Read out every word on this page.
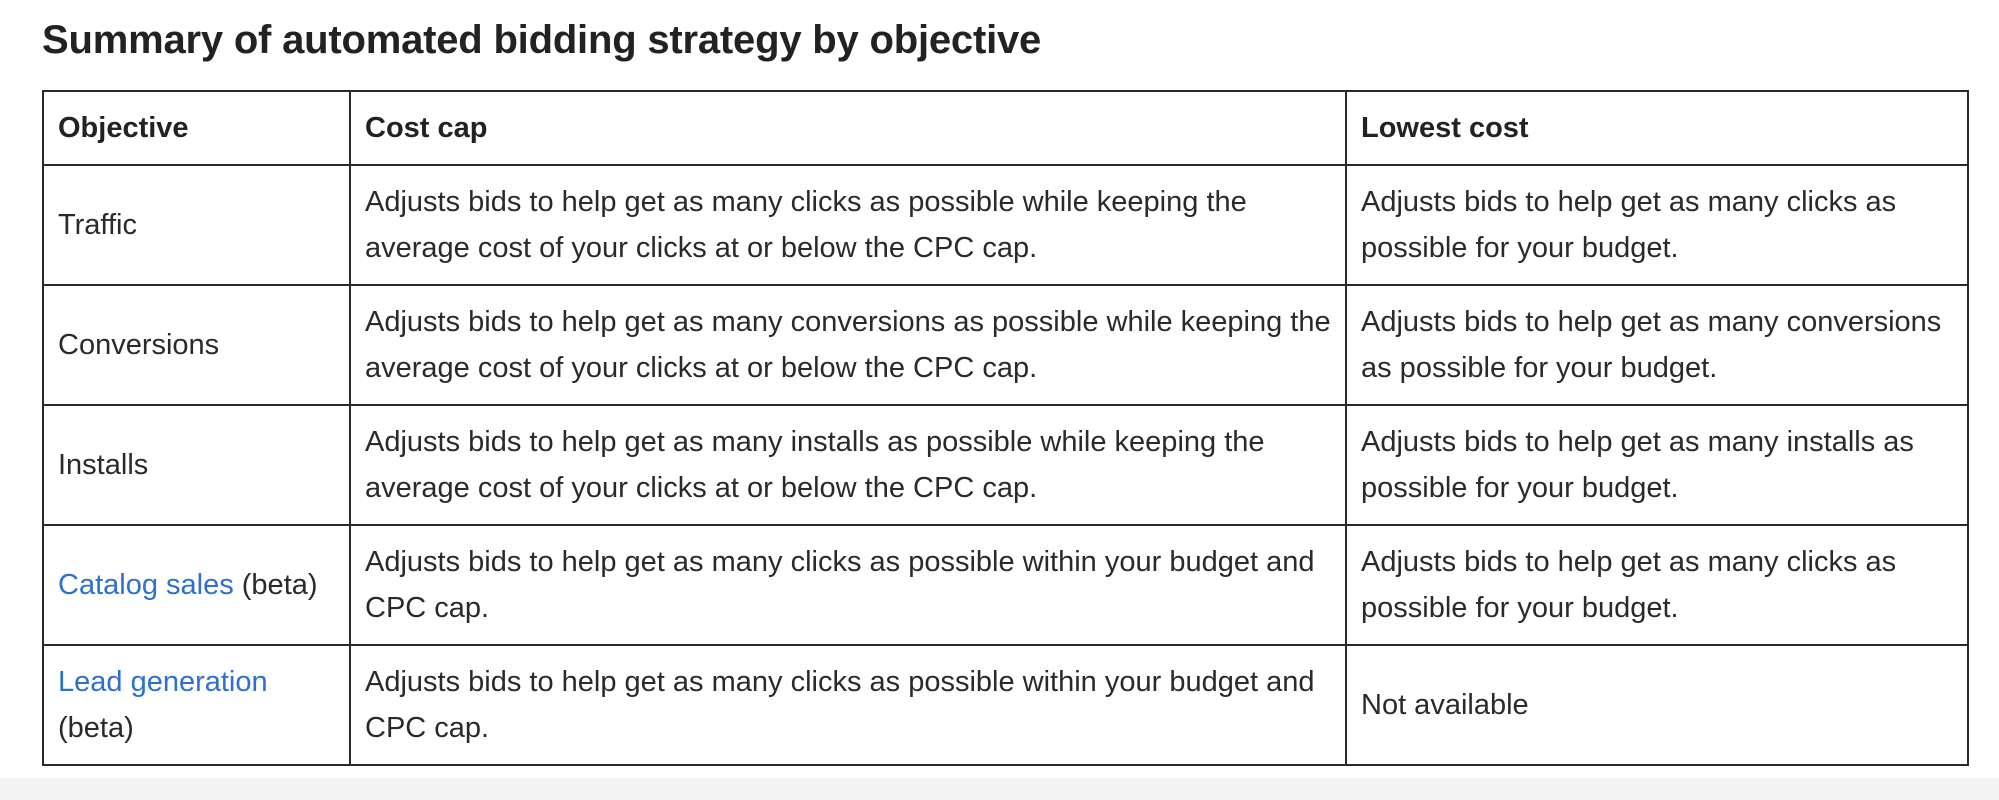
Summary of automated bidding strategy by objective
Objective	Cost cap	Lowest cost
Traffic	Adjusts bids to help get as many clicks as possible while keeping the average cost of your clicks at or below the CPC cap.	Adjusts bids to help get as many clicks as possible for your budget.
Conversions	Adjusts bids to help get as many conversions as possible while keeping the average cost of your clicks at or below the CPC cap.	Adjusts bids to help get as many conversions as possible for your budget.
Installs	Adjusts bids to help get as many installs as possible while keeping the average cost of your clicks at or below the CPC cap.	Adjusts bids to help get as many installs as possible for your budget.
Catalog sales (beta)	Adjusts bids to help get as many clicks as possible within your budget and CPC cap.	Adjusts bids to help get as many clicks as possible for your budget.
Lead generation (beta)	Adjusts bids to help get as many clicks as possible within your budget and CPC cap.	Not available
